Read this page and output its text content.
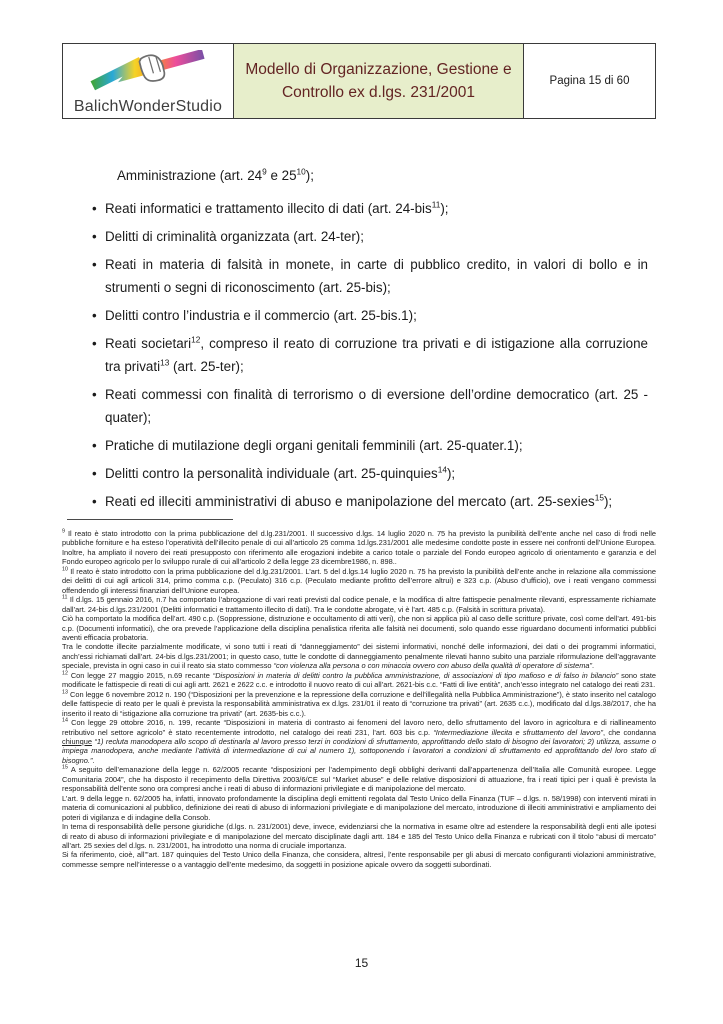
BalichWonderStudio
Modello di Organizzazione, Gestione e Controllo ex d.lgs. 231/2001
Pagina 15 di 60
Amministrazione (art. $24^9$ e $25^{10}$);
• Reati informatici e trattamento illecito di dati (art. 24-bis$^{11}$);
• Delitti di criminalità organizzata (art. 24-ter);
• Reati in materia di falsità in monete, in carte di pubblico credito, in valori di bollo e in strumenti o segni di riconoscimento (art. 25-bis);
• Delitti contro l’industria e il commercio (art. 25-bis.1);
• Reati societari$^{12}$, compreso il reato di corruzione tra privati e di istigazione alla corruzione tra privati$^{13}$ (art. 25-ter);
• Reati commessi con finalità di terrorismo o di eversione dell’ordine democratico (art. 25 - quater);
• Pratiche di mutilazione degli organi genitali femminili (art. 25-quater.1);
• Delitti contro la personalità individuale (art. 25-quinquies$^{14}$);
• Reati ed illeciti amministrativi di abuso e manipolazione del mercato (art. 25-sexies$^{15}$);
$^9$ Il reato è stato introdotto con la prima pubblicazione del d.lg.231/2001. Il successivo d.lgs. 14 luglio 2020 n. 75 ha previsto la punibilità dell’ente anche nel caso di frodi nelle pubbliche forniture e ha esteso l’operatività dell’illecito penale di cui all’articolo 25 comma 1d.lgs.231/2001 alle medesime condotte poste in essere nei confronti dell’Unione Europea. Inoltre, ha ampliato il novero dei reati presupposto con riferimento alle erogazioni indebite a carico totale o parziale del Fondo europeo agricolo di orientamento e garanzia e del Fondo europeo agricolo per lo sviluppo rurale di cui all’articolo 2 della legge 23 dicembre1986, n. 898..
$^{10}$ Il reato è stato introdotto con la prima pubblicazione del d.lg.231/2001. L’art. 5 del d.lgs.14 luglio 2020 n. 75 ha previsto la punibilità dell’ente anche in relazione alla commissione dei delitti di cui agli articoli 314, primo comma c.p. (Peculato) 316 c.p. (Peculato mediante profitto dell’errore altrui) e 323 c.p. (Abuso d’ufficio), ove i reati vengano commessi offendendo gli interessi finanziari dell’Unione europea.
$^{11}$ Il d.lgs. 15 gennaio 2016, n.7 ha comportato l’abrogazione di vari reati previsti dal codice penale, e la modifica di altre fattispecie penalmente rilevanti, espressamente richiamate dall’art. 24-bis d.lgs.231/2001 (Delitti informatici e trattamento illecito di dati). Tra le condotte abrogate, vi è l’art. 485 c.p. (Falsità in scrittura privata).
Ciò ha comportato la modifica dell’art. 490 c.p. (Soppressione, distruzione e occultamento di atti veri), che non si applica più al caso delle scritture private, così come dell’art. 491-bis c.p. (Documenti informatici), che ora prevede l’applicazione della disciplina penalistica riferita alle falsità nei documenti, solo quando esse riguardano documenti informatici pubblici aventi efficacia probatoria.
Tra le condotte illecite parzialmente modificate, vi sono tutti i reati di “danneggiamento” dei sistemi informativi, nonché delle informazioni, dei dati o dei programmi informatici, anch’essi richiamati dall’art. 24-bis d.lgs.231/2001; in questo caso, tutte le condotte di danneggiamento penalmente rilevati hanno subito una parziale riformulazione dell’aggravante speciale, prevista in ogni caso in cui il reato sia stato commesso “con violenza alla persona o con minaccia ovvero con abuso della qualità di operatore di sistema”.
$^{12}$ Con legge 27 maggio 2015, n.69 recante “Disposizioni in materia di delitti contro la pubblica amministrazione, di associazioni di tipo mafioso e di falso in bilancio” sono state modificate le fattispecie di reati di cui agli artt. 2621 e 2622 c.c. e introdotto il nuovo reato di cui all’art. 2621-bis c.c. “Fatti di live entità”, anch’esso integrato nel catalogo dei reati 231.
$^{13}$ Con legge 6 novembre 2012 n. 190 (“Disposizioni per la prevenzione e la repressione della corruzione e dell’illegalità nella Pubblica Amministrazione”), è stato inserito nel catalogo delle fattispecie di reato per le quali è prevista la responsabilità amministrativa ex d.lgs. 231/01 il reato di “corruzione tra privati” (art. 2635 c.c.), modificato dal d.lgs.38/2017, che ha inserito il reato di “istigazione alla corruzione tra privati” (art. 2635-bis c.c.).
$^{14}$ Con legge 29 ottobre 2016, n. 199, recante “Disposizioni in materia di contrasto ai fenomeni del lavoro nero, dello sfruttamento del lavoro in agricoltura e di riallineamento retributivo nel settore agricolo” è stato recentemente introdotto, nel catalogo dei reati 231, l’art. 603 bis c.p. “Intermediazione illecita e sfruttamento del lavoro”, che condanna chiunque “1) recluta manodopera allo scopo di destinarla al lavoro presso terzi in condizioni di sfruttamento, approfittando dello stato di bisogno dei lavoratori; 2) utilizza, assume o impiega manodopera, anche mediante l’attività di intermediazione di cui al numero 1), sottoponendo i lavoratori a condizioni di sfruttamento ed approfittando del loro stato di bisogno.”.
$^{15}$ A seguito dell’emanazione della legge n. 62/2005 recante “disposizioni per l’adempimento degli obblighi derivanti dall’appartenenza dell’Italia alle Comunità europee. Legge Comunitaria 2004”, che ha disposto il recepimento della Direttiva 2003/6/CE sul “Market abuse” e delle relative disposizioni di attuazione, fra i reati tipici per i quali è prevista la responsabilità dell’ente sono ora compresi anche i reati di abuso di informazioni privilegiate e di manipolazione del mercato.
L’art. 9 della legge n. 62/2005 ha, infatti, innovato profondamente la disciplina degli emittenti regolata dal Testo Unico della Finanza (TUF – d.lgs. n. 58/1998) con interventi mirati in materia di comunicazioni al pubblico, definizione dei reati di abuso di informazioni privilegiate e di manipolazione del mercato, introduzione di illeciti amministrativi e ampliamento dei poteri di vigilanza e di indagine della Consob.
In tema di responsabilità delle persone giuridiche (d.lgs. n. 231/2001) deve, invece, evidenziarsi che la normativa in esame oltre ad estendere la responsabilità degli enti alle ipotesi di reato di abuso di informazioni privilegiate e di manipolazione del mercato disciplinate dagli artt. 184 e 185 del Testo Unico della Finanza e rubricati con il titolo “abusi di mercato” all’art. 25 sexies del d.lgs. n. 231/2001, ha introdotto una norma di cruciale importanza.
Si fa riferimento, cioè, all’”art. 187 quinquies del Testo Unico della Finanza, che considera, altresì, l’ente responsabile per gli abusi di mercato configuranti violazioni amministrative, commesse sempre nell’interesse o a vantaggio dell’ente medesimo, da soggetti in posizione apicale ovvero da soggetti subordinati.
15
